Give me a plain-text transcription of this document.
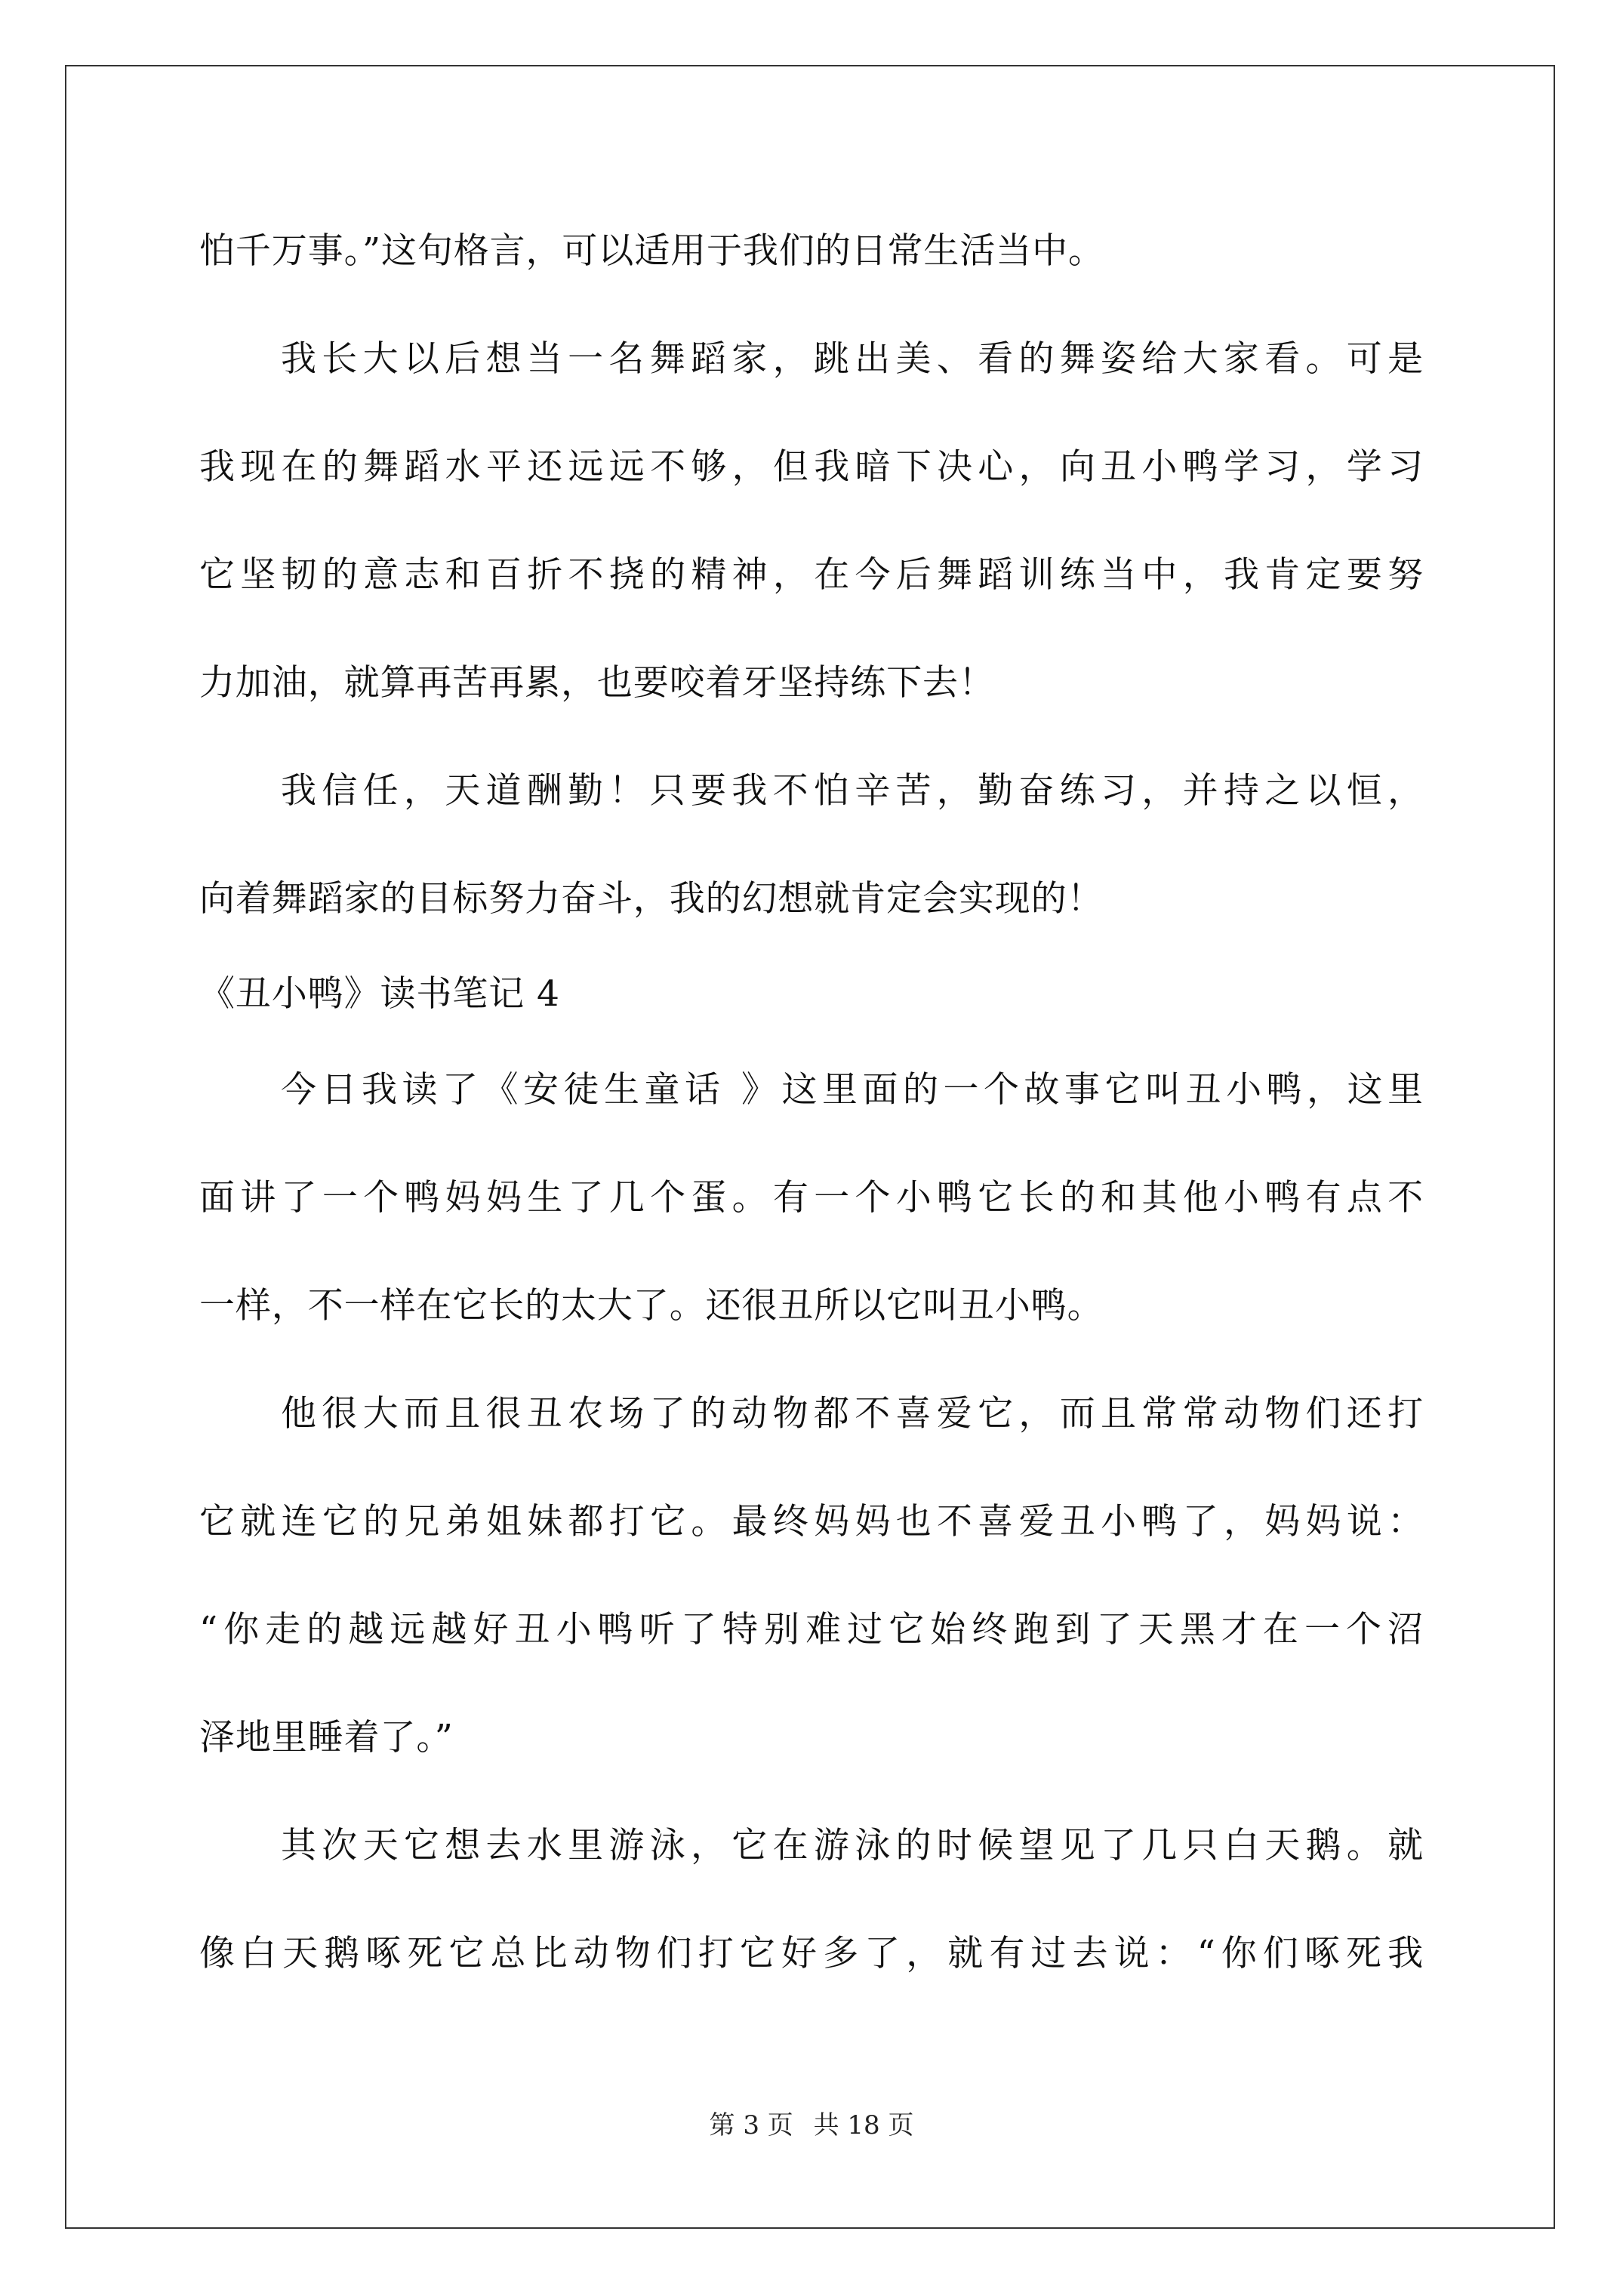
怕千万事。”这句格言，可以适用于我们的日常生活当中。
我长大以后想当一名舞蹈家，跳出美、看的舞姿给大家看。可是
我现在的舞蹈水平还远远不够，但我暗下决心，向丑小鸭学习，学习
它坚韧的意志和百折不挠的精神，在今后舞蹈训练当中，我肯定要努
力加油，就算再苦再累，也要咬着牙坚持练下去！
我信任，天道酬勤！只要我不怕辛苦，勤奋练习，并持之以恒，
向着舞蹈家的目标努力奋斗，我的幻想就肯定会实现的！
《丑小鸭》读书笔记 4
今日我读了《安徒生童话 》这里面的一个故事它叫丑小鸭，这里
面讲了一个鸭妈妈生了几个蛋。有一个小鸭它长的和其他小鸭有点不
一样，不一样在它长的太大了。还很丑所以它叫丑小鸭。
他很大而且很丑农场了的动物都不喜爱它，而且常常动物们还打
它就连它的兄弟姐妹都打它。最终妈妈也不喜爱丑小鸭了，妈妈说：
“你走的越远越好丑小鸭听了特别难过它始终跑到了天黑才在一个沼
泽地里睡着了。”
其次天它想去水里游泳，它在游泳的时候望见了几只白天鹅。就
像白天鹅啄死它总比动物们打它好多了，就有过去说：“你们啄死我
第 3 页 共 18 页
